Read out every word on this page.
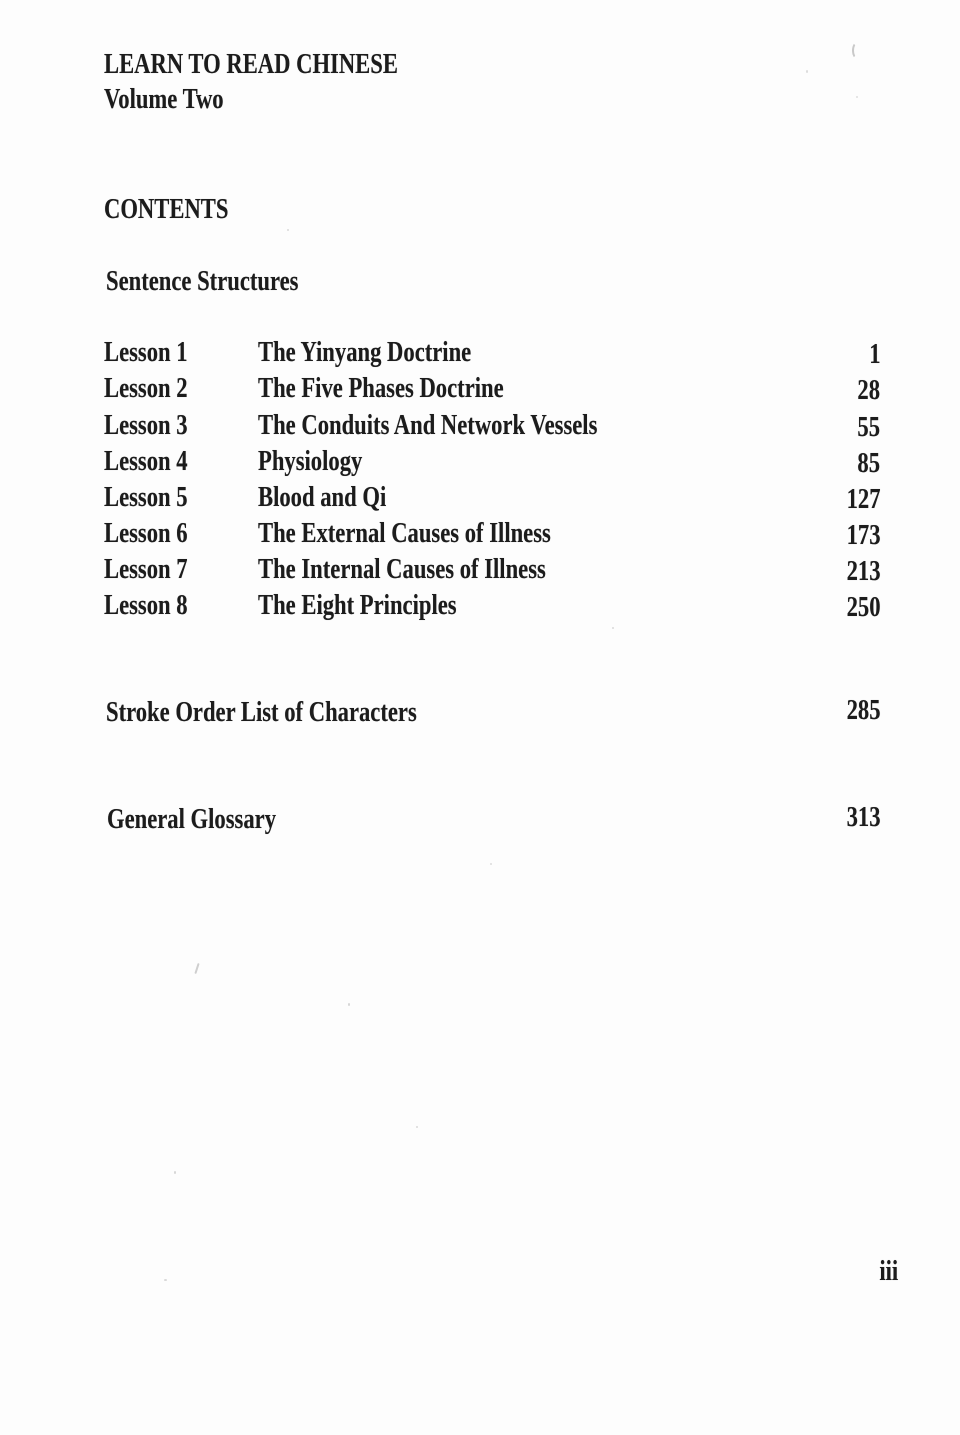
LEARN TO READ CHINESE
Volume Two
CONTENTS
Sentence Structures
Lesson 1 The Yinyang Doctrine	1
Lesson 2 The Five Phases Doctrine	28
Lesson 3 The Conduits And Network Vessels	55
Lesson 4 Physiology	85
Lesson 5 Blood and Qi	127
Lesson 6 The External Causes of Illness	173
Lesson 7 The Internal Causes of Illness	213
Lesson 8 The Eight Principles	250
Stroke Order List of Characters	285
General Glossary	313
iii
